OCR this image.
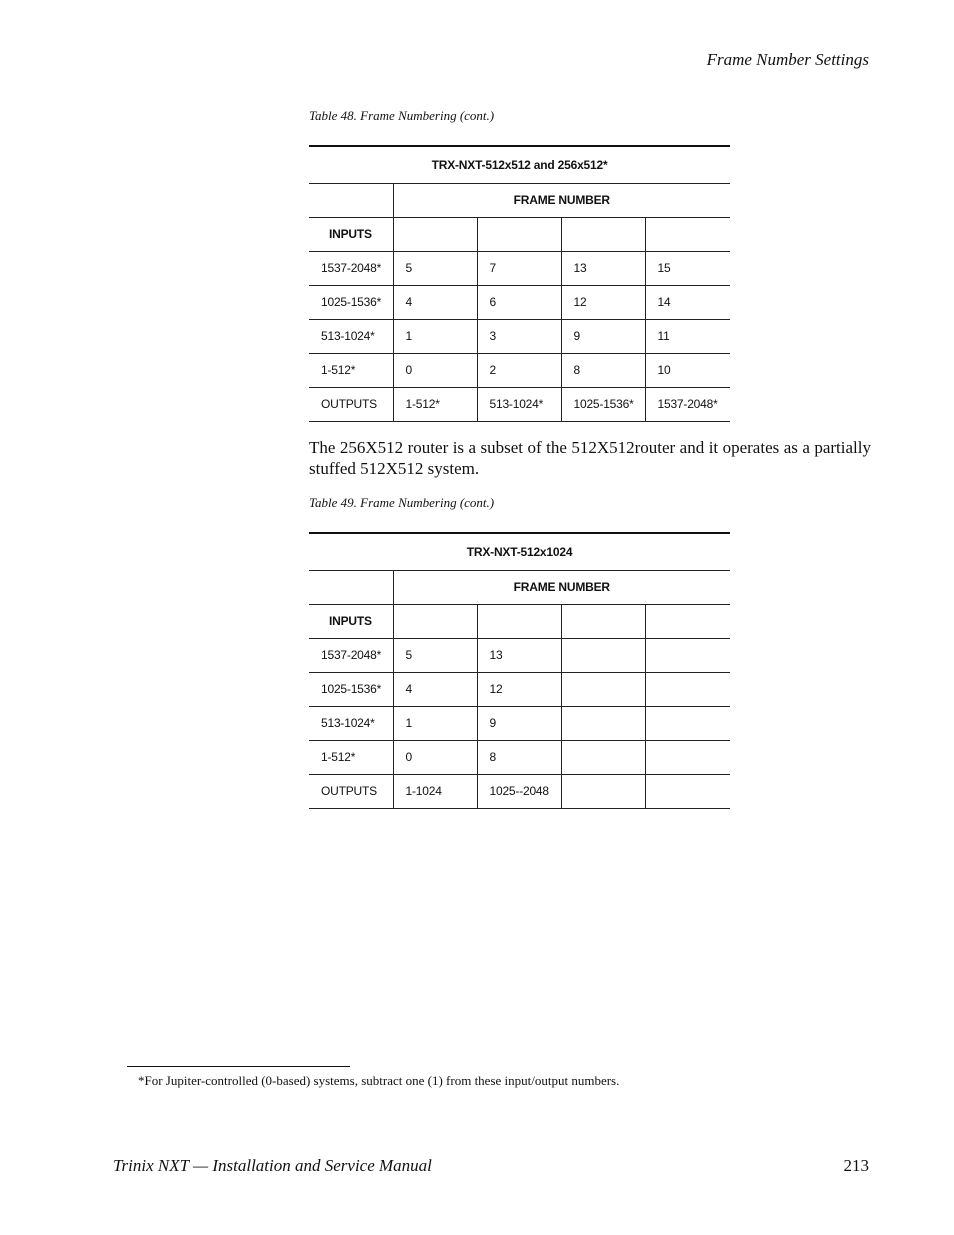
Frame Number Settings
Table 48. Frame Numbering (cont.)
TRX-NXT-512x512 and 256x512*				
	FRAME NUMBER			
INPUTS				
1537-2048*	5	7	13	15
1025-1536*	4	6	12	14
513-1024*	1	3	9	11
1-512*	0	2	8	10
OUTPUTS	1-512*	513-1024*	1025-1536*	1537-2048*

The 256X512 router is a subset of the 512X512router and it operates as a partially stuffed 512X512 system.

Table 49. Frame Numbering (cont.)
TRX-NXT-512x1024				
	FRAME NUMBER			
INPUTS				
1537-2048*	5	13		
1025-1536*	4	12		
513-1024*	1	9		
1-512*	0	8		
OUTPUTS	1-1024	1025--2048		
*For Jupiter-controlled (0-based) systems, subtract one (1) from these input/output numbers.
Trinix NXT — Installation and Service Manual	213
